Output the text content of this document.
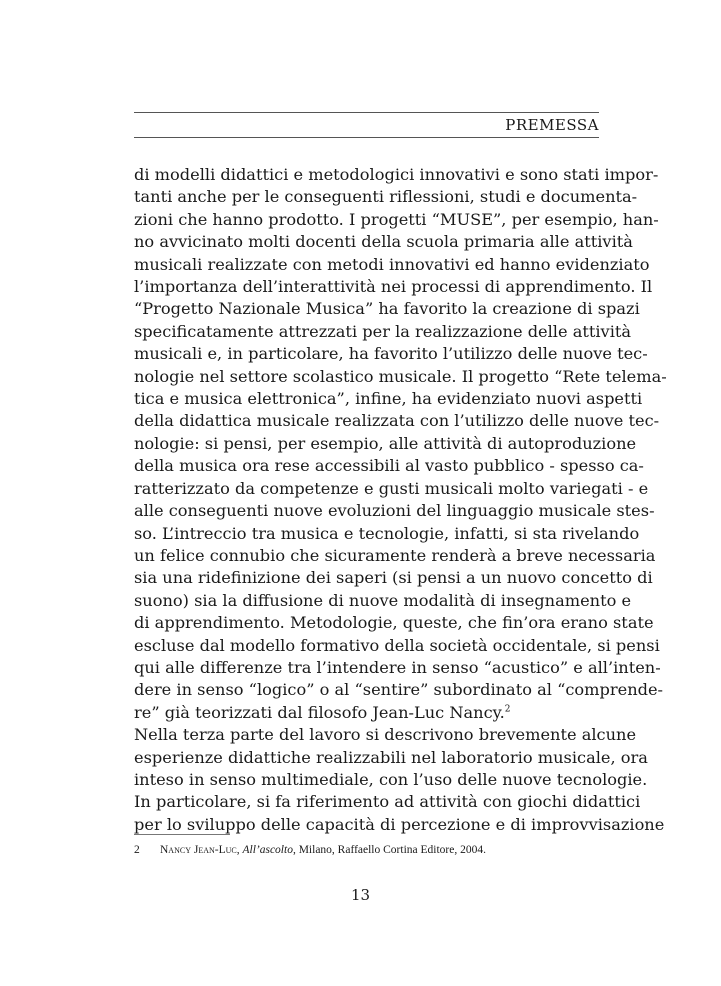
PREMESSA
di modelli didattici e metodologici innovativi e sono stati impor-
tanti anche per le conseguenti riflessioni, studi e documenta-
zioni che hanno prodotto. I progetti “MUSE”, per esempio, han-
no avvicinato molti docenti della scuola primaria alle attività
musicali realizzate con metodi innovativi ed hanno evidenziato
l’importanza dell’interattività nei processi di apprendimento. Il
“Progetto Nazionale Musica” ha favorito la creazione di spazi
specificatamente attrezzati per la realizzazione delle attività
musicali e, in particolare, ha favorito l’utilizzo delle nuove tec-
nologie nel settore scolastico musicale. Il progetto “Rete telema-
tica e musica elettronica”, infine, ha evidenziato nuovi aspetti
della didattica musicale realizzata con l’utilizzo delle nuove tec-
nologie: si pensi, per esempio, alle attività di autoproduzione
della musica ora rese accessibili al vasto pubblico - spesso ca-
ratterizzato da competenze e gusti musicali molto variegati - e
alle conseguenti nuove evoluzioni del linguaggio musicale stes-
so. L’intreccio tra musica e tecnologie, infatti, si sta rivelando
un felice connubio che sicuramente renderà a breve necessaria
sia una ridefinizione dei saperi (si pensi a un nuovo concetto di
suono) sia la diffusione di nuove modalità di insegnamento e
di apprendimento. Metodologie, queste, che fin’ora erano state
escluse dal modello formativo della società occidentale, si pensi
qui alle differenze tra l’intendere in senso “acustico” e all’inten-
dere in senso “logico” o al “sentire” subordinato al “comprende-
re” già teorizzati dal filosofo Jean-Luc Nancy.$^2$
Nella terza parte del lavoro si descrivono brevemente alcune
esperienze didattiche realizzabili nel laboratorio musicale, ora
inteso in senso multimediale, con l’uso delle nuove tecnologie.
In particolare, si fa riferimento ad attività con giochi didattici
per lo sviluppo delle capacità di percezione e di improvvisazione
2 Nancy Jean-Luc, All’ascolto, Milano, Raffaello Cortina Editore, 2004.
13
